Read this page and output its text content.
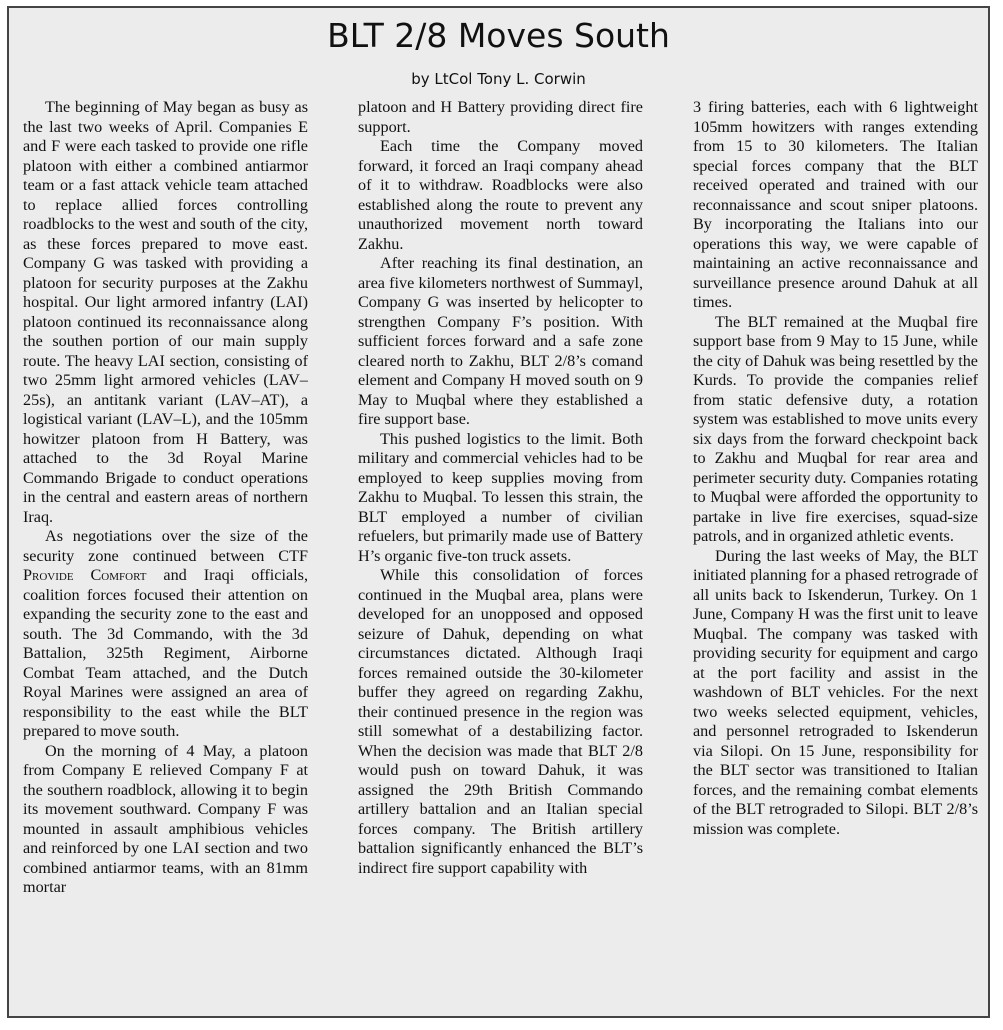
BLT 2/8 Moves South
by LtCol Tony L. Corwin

The beginning of May began as busy as the last two weeks of April. Companies E and F were each tasked to provide one rifle platoon with either a combined antiarmor team or a fast attack vehicle team attached to replace allied forces controlling roadblocks to the west and south of the city, as these forces prepared to move east. Company G was tasked with providing a platoon for security purposes at the Zakhu hospital. Our light armored infantry (LAI) platoon continued its reconnaissance along the southen portion of our main supply route. The heavy LAI section, consisting of two 25mm light armored vehicles (LAV–25s), an antitank variant (LAV–AT), a logistical variant (LAV–L), and the 105mm howitzer platoon from H Battery, was attached to the 3d Royal Marine Commando Brigade to conduct operations in the central and eastern areas of northern Iraq.

As negotiations over the size of the security zone continued between CTF Provide Comfort and Iraqi officials, coalition forces focused their attention on expanding the security zone to the east and south. The 3d Commando, with the 3d Battalion, 325th Regiment, Airborne Combat Team attached, and the Dutch Royal Marines were assigned an area of responsibility to the east while the BLT prepared to move south.

On the morning of 4 May, a platoon from Company E relieved Company F at the southern roadblock, allowing it to begin its movement southward. Company F was mounted in assault amphibious vehicles and reinforced by one LAI section and two combined antiarmor teams, with an 81mm mortar

platoon and H Battery providing direct fire support.

Each time the Company moved forward, it forced an Iraqi company ahead of it to withdraw. Roadblocks were also established along the route to prevent any unauthorized movement north toward Zakhu.

After reaching its final destination, an area five kilometers northwest of Summayl, Company G was inserted by helicopter to strengthen Company F’s position. With sufficient forces forward and a safe zone cleared north to Zakhu, BLT 2/8’s comand element and Company H moved south on 9 May to Muqbal where they established a fire support base.

This pushed logistics to the limit. Both military and commercial vehicles had to be employed to keep supplies moving from Zakhu to Muqbal. To lessen this strain, the BLT employed a number of civilian refuelers, but primarily made use of Battery H’s organic five-ton truck assets.

While this consolidation of forces continued in the Muqbal area, plans were developed for an unopposed and opposed seizure of Dahuk, depending on what circumstances dictated. Although Iraqi forces remained outside the 30-kilometer buffer they agreed on regarding Zakhu, their continued presence in the region was still somewhat of a destabilizing factor. When the decision was made that BLT 2/8 would push on toward Dahuk, it was assigned the 29th British Commando artillery battalion and an Italian special forces company. The British artillery battalion significantly enhanced the BLT’s indirect fire support capability with

3 firing batteries, each with 6 lightweight 105mm howitzers with ranges extending from 15 to 30 kilometers. The Italian special forces company that the BLT received operated and trained with our reconnaissance and scout sniper platoons. By incorporating the Italians into our operations this way, we were capable of maintaining an active reconnaissance and surveillance presence around Dahuk at all times.

The BLT remained at the Muqbal fire support base from 9 May to 15 June, while the city of Dahuk was being resettled by the Kurds. To provide the companies relief from static defensive duty, a rotation system was established to move units every six days from the forward checkpoint back to Zakhu and Muqbal for rear area and perimeter security duty. Companies rotating to Muqbal were afforded the opportunity to partake in live fire exercises, squad-size patrols, and in organized athletic events.

During the last weeks of May, the BLT initiated planning for a phased retrograde of all units back to Iskenderun, Turkey. On 1 June, Company H was the first unit to leave Muqbal. The company was tasked with providing security for equipment and cargo at the port facility and assist in the washdown of BLT vehicles. For the next two weeks selected equipment, vehicles, and personnel retrograded to Iskenderun via Silopi. On 15 June, responsibility for the BLT sector was transitioned to Italian forces, and the remaining combat elements of the BLT retrograded to Silopi. BLT 2/8’s mission was complete.
